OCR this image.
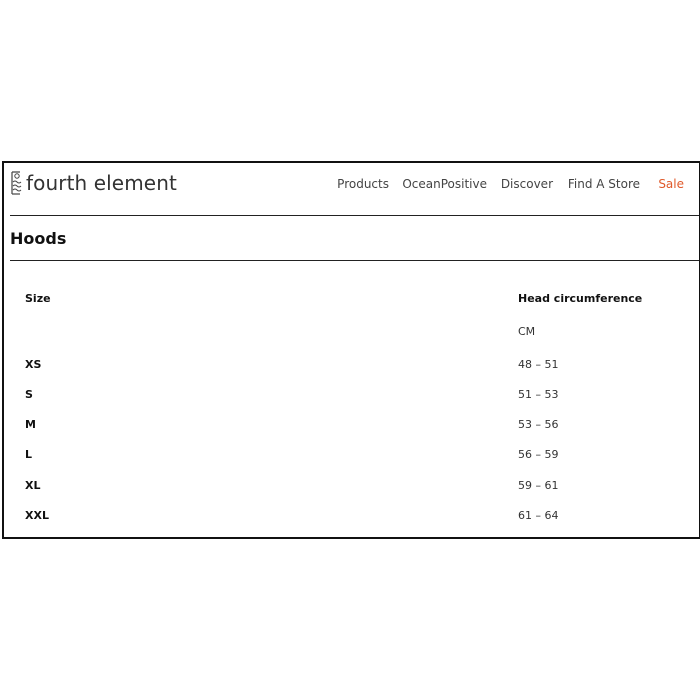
fourth element	Products OceanPositive Discover Find A Store Sale
Hoods
Size	Head circumference
CM
XS	48 – 51
S	51 – 53
M	53 – 56
L	56 – 59
XL	59 – 61
XXL	61 – 64
